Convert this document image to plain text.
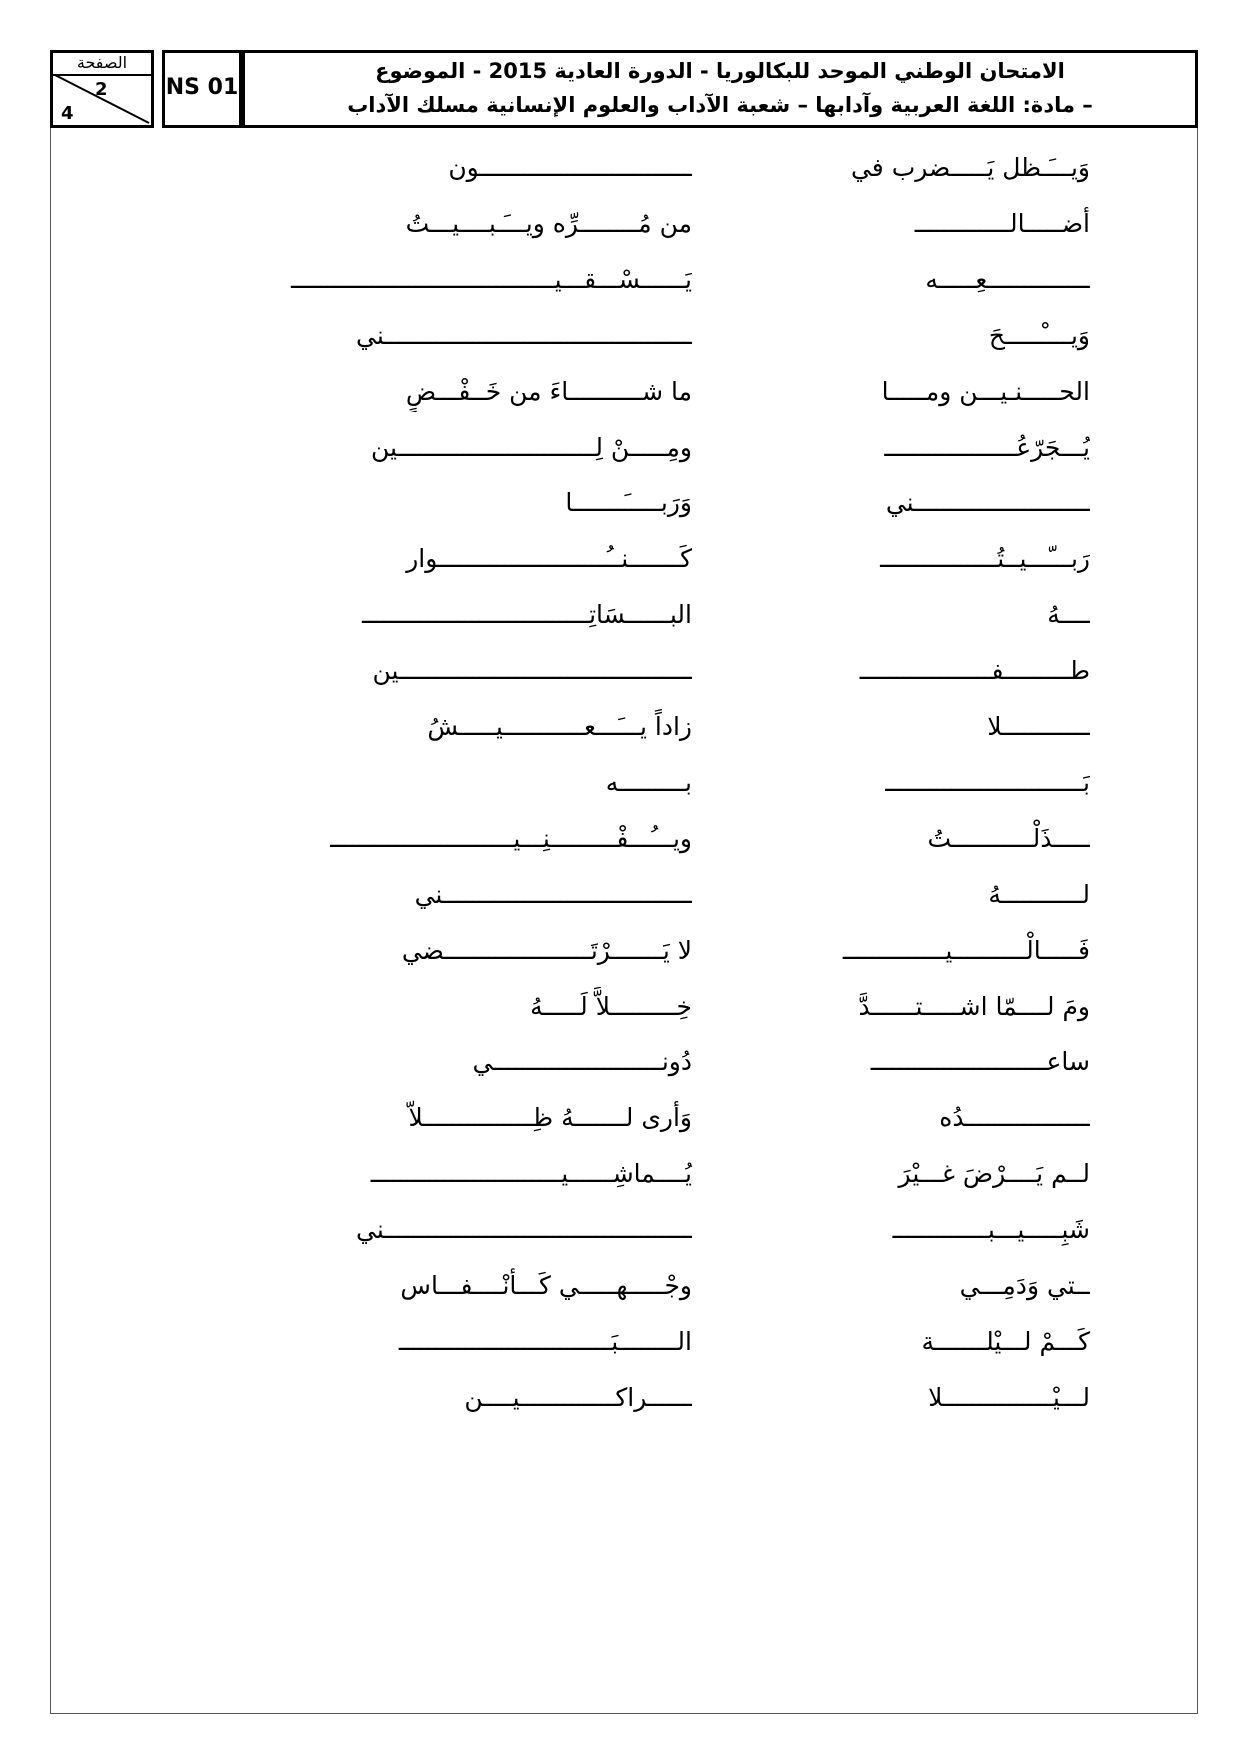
الصفحة
2
4
NS 01
الامتحان الوطني الموحد للبكالوريا - الدورة العادية 2015 - الموضوع
– مادة: اللغة العربية وآدابها – شعبة الآداب والعلوم الإنسانية مسلك الآداب
وَيـــَـظل يَـــــضرب في
ـــــــــــــــــــــــــــــون
أضـــــالـــــــــــــ
من مُــــــــرِّه ويـــَـبــــيـــتُ
ــــــــــــــعِـــــه
يَــــــسْـــقـــيــــــــــــــــــــــــــــــــــــ
وَيــــْـــــحَ
ــــــــــــــــــــــــــــــــــــــــــني
الحـــــنـيـــن ومـــــا
ما شــــــــــاءَ من خَــفْـــضٍ
يُـــجَرّعُــــــــــــــــــ
ومِـــــنْ لِـــــــــــــــــــــــــــين
ــــــــــــــــــــــــني
وَرَبـــــَـــــــا
رَبـــّـــيــتُــــــــــــــــ
كَـــــــنــُـــــــــــــــــــــــوار
ــــهُ
البــــــسَاتِـــــــــــــــــــــــــــــــ
طـــــــــفــــــــــــــــــ
ــــــــــــــــــــــــــــــــــــــــين
ــــــــــــلا
زاداً يـــَـــعـــــــــــيـــــشُ
بَـــــــــــــــــــــــــــ
بـــــــــه
ـــــذَلْـــــــــــتُ
ويـــُـــفْـــــــــنِـــيـــــــــــــــــــــــــ
لـــــــــــهُ
ــــــــــــــــــــــــــــــــــني
فَـــــالْــــــــــيــــــــــــــ
لا يَـــــــرْتَــــــــــــــــــــضي
ومَ لــــمّا اشـــــتــــــدَّ
خِـــــــــلاًّ لَـــــهُ
ساعــــــــــــــــــــــــ
دُونـــــــــــــــــــــــي
ـــــــــــــــــدُه
وَأرى لـــــــهُ ظِـــــــــــــــلاّ
لــم يَــــرْضَ غـــيْرَ
يُــــماشِــــــيــــــــــــــــــــــــــ
شَبِـــــيـــبـــــــــــــ
ــــــــــــــــــــــــــــــــــــــــــني
ــتي وَدَمِـــي
وجْـــــهـــــي كَـــأنْــــفـــاس
كَـــمْ لـــيْلـــــــة
الــــــــبَـــــــــــــــــــــــــــــ
لـــيْـــــــــــــــلا
ــــــراكـــــــــــــيــــن
